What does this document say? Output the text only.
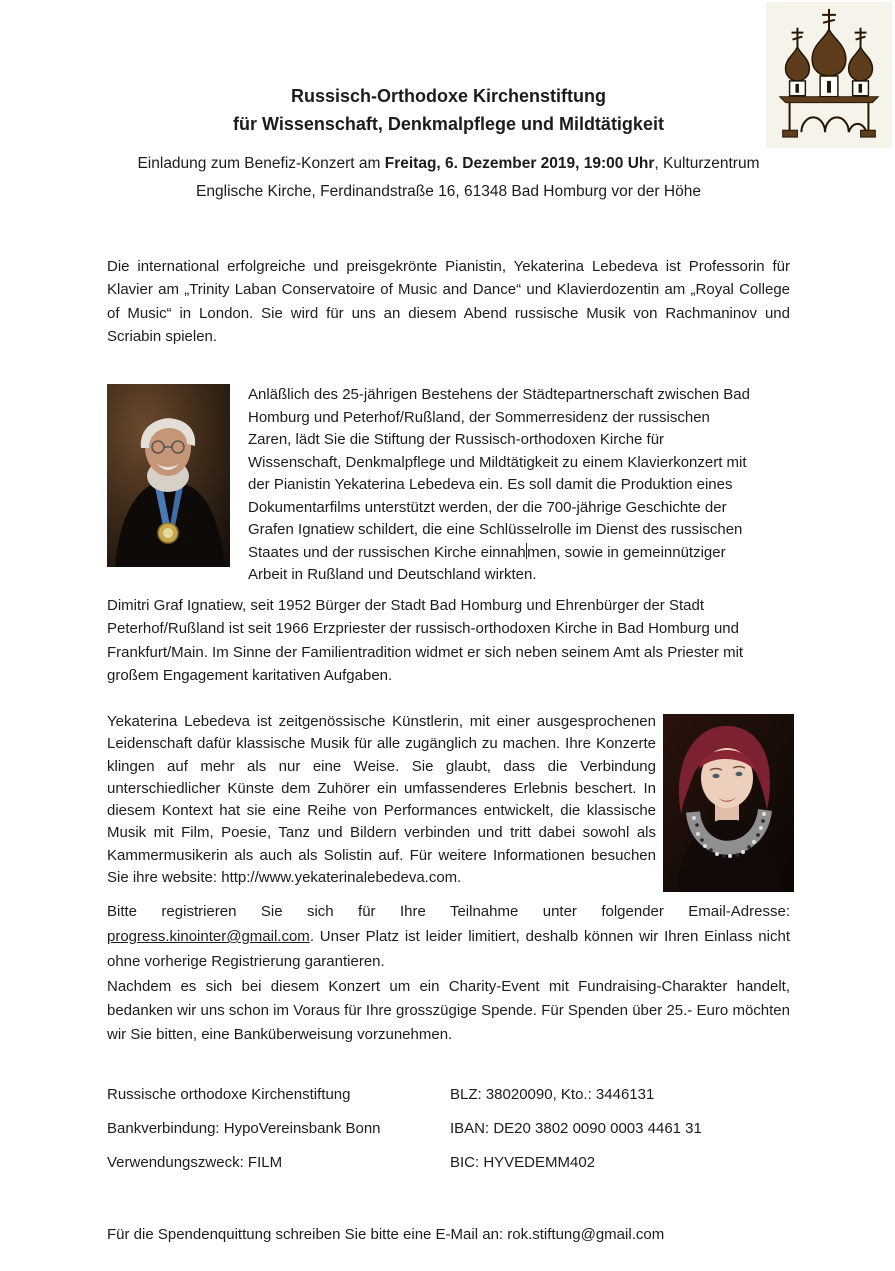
Russisch-Orthodoxe Kirchenstiftung
für Wissenschaft, Denkmalpflege und Mildtätigkeit
Einladung zum Benefiz-Konzert am Freitag, 6. Dezember 2019, 19:00 Uhr, Kulturzentrum
Englische Kirche, Ferdinandstraße 16, 61348 Bad Homburg vor der Höhe
Die international erfolgreiche und preisgekrönte Pianistin, Yekaterina Lebedeva ist Professorin für Klavier am „Trinity Laban Conservatoire of Music and Dance“ und Klavierdozentin am „Royal College of Music“ in London. Sie wird für uns an diesem Abend russische Musik von Rachmaninov und Scriabin spielen.
Anläßlich des 25-jährigen Bestehens der Städtepartnerschaft zwischen Bad Homburg und Peterhof/Rußland, der Sommerresidenz der russischen Zaren, lädt Sie die Stiftung der Russisch-orthodoxen Kirche für Wissenschaft, Denkmalpflege und Mildtätigkeit zu einem Klavierkonzert mit der Pianistin Yekaterina Lebedeva ein. Es soll damit die Produktion eines Dokumentarfilms unterstützt werden, der die 700-jährige Geschichte der Grafen Ignatiew schildert, die eine Schlüsselrolle im Dienst des russischen Staates und der russischen Kirche einnah men, sowie in gemeinnütziger Arbeit in Rußland und Deutschland wirkten.
Dimitri Graf Ignatiew, seit 1952 Bürger der Stadt Bad Homburg und Ehrenbürger der Stadt Peterhof/Rußland ist seit 1966 Erzpriester der russisch-orthodoxen Kirche in Bad Homburg und Frankfurt/Main. Im Sinne der Familientradition widmet er sich neben seinem Amt als Priester mit großem Engagement karitativen Aufgaben.
Yekaterina Lebedeva ist zeitgenössische Künstlerin, mit einer ausgesprochenen Leidenschaft dafür klassische Musik für alle zugänglich zu machen. Ihre Konzerte klingen auf mehr als nur eine Weise. Sie glaubt, dass die Verbindung unterschiedlicher Künste dem Zuhörer ein umfassenderes Erlebnis beschert. In diesem Kontext hat sie eine Reihe von Performances entwickelt, die klassische Musik mit Film, Poesie, Tanz und Bildern verbinden und tritt dabei sowohl als Kammermusikerin als auch als Solistin auf. Für weitere Informationen besuchen Sie ihre website: http://www.yekaterinalebedeva.com.
Bitte registrieren Sie sich für Ihre Teilnahme unter folgender Email-Adresse: progress.kinointer@gmail.com. Unser Platz ist leider limitiert, deshalb können wir Ihren Einlass nicht ohne vorherige Registrierung garantieren.
Nachdem es sich bei diesem Konzert um ein Charity-Event mit Fundraising-Charakter handelt, bedanken wir uns schon im Voraus für Ihre grosszügige Spende. Für Spenden über 25.- Euro möchten wir Sie bitten, eine Banküberweisung vorzunehmen.
Russische orthodoxe Kirchenstiftung	BLZ: 38020090, Kto.: 3446131
Bankverbindung: HypoVereinsbank Bonn	IBAN: DE20 3802 0090 0003 4461 31
Verwendungszweck: FILM	BIC: HYVEDEMM402
Für die Spendenquittung schreiben Sie bitte eine E-Mail an: rok.stiftung@gmail.com
